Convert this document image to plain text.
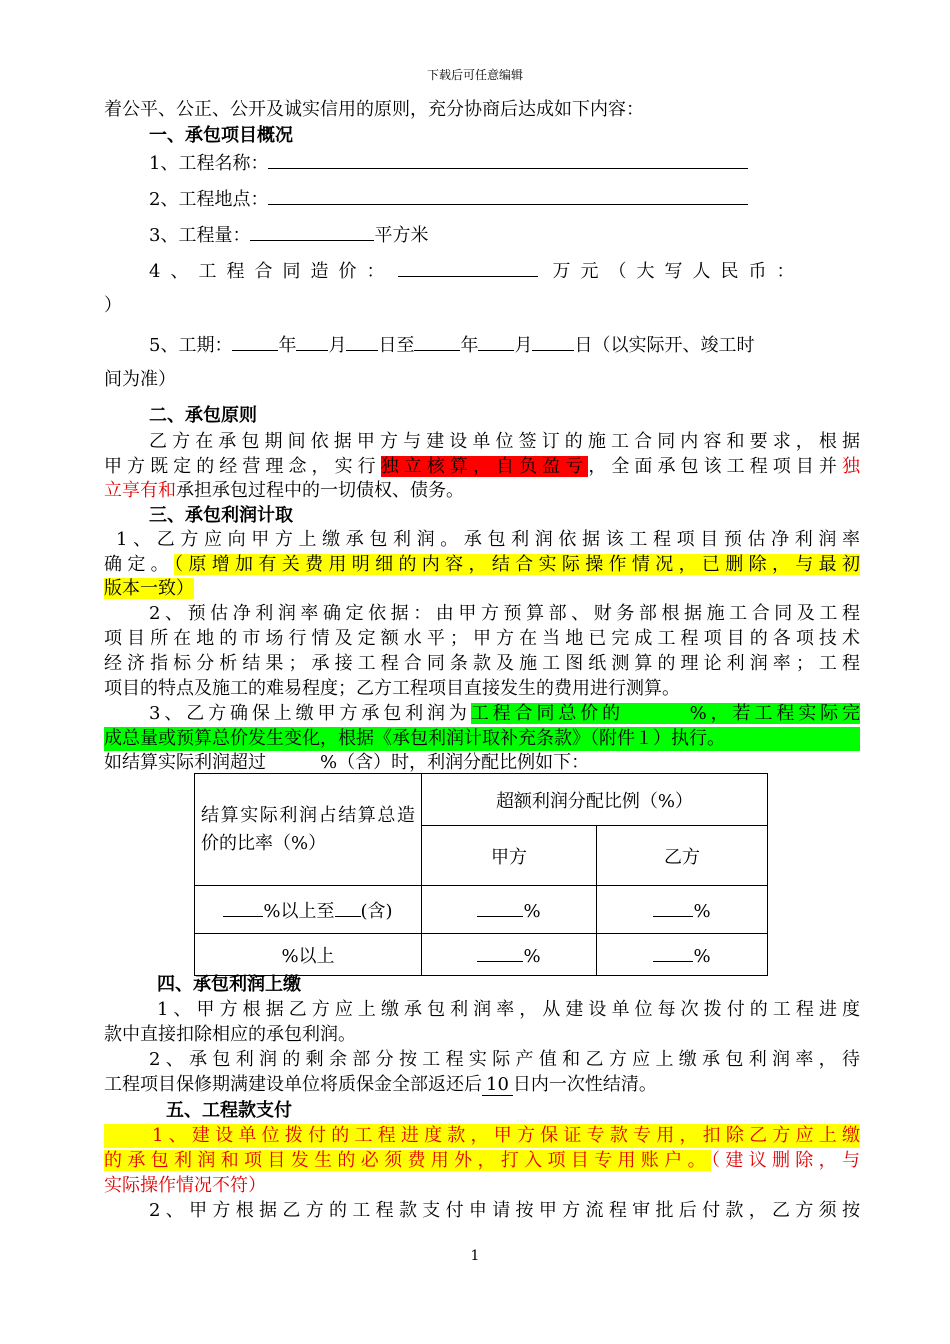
下载后可任意编辑
着公平、公正、公开及诚实信用的原则，充分协商后达成如下内容：
一、承包项目概况
1、工程名称：
2、工程地点：
3、工程量：	平方米
4、工程合同造价：	万元（大写人民币：
）
5、工期：	年 月 日至	年 月 日（以实际开、竣工时
间为准）
二、承包原则
乙方在承包期间依据甲方与建设单位签订的施工合同内容和要求，根据
甲方既定的经营理念，实行独立核算，自负盈亏，全面承包该工程项目并独
立享有和承担承包过程中的一切债权、债务。
三、承包利润计取
1、乙方应向甲方上缴承包利润。承包利润依据该工程项目预估净利润率
确定。（原增加有关费用明细的内容，结合实际操作情况，已删除，与最初
版本一致）
2、预估净利润率确定依据：由甲方预算部、财务部根据施工合同及工程
项目所在地的市场行情及定额水平；甲方在当地已完成工程项目的各项技术
经济指标分析结果；承接工程合同条款及施工图纸测算的理论利润率；工程
项目的特点及施工的难易程度；乙方工程项目直接发生的费用进行测算。
3、乙方确保上缴甲方承包利润为工程合同总价的　　　%，若工程实际完
成总量或预算总价发生变化，根据《承包利润计取补充条款》（附件１）执行。
如结算实际利润超过　　　%（含）时，利润分配比例如下：
结算实际利润占结算总造价的比率（%）	超额利润分配比例（%）	
	甲方	乙方
%以上至 (含)	%	%
%以上	%	%
四、承包利润上缴
1、甲方根据乙方应上缴承包利润率，从建设单位每次拨付的工程进度
款中直接扣除相应的承包利润。
2、承包利润的剩余部分按工程实际产值和乙方应上缴承包利润率，待
工程项目保修期满建设单位将质保金全部返还后 10 日内一次性结清。
五、工程款支付
1、建设单位拨付的工程进度款，甲方保证专款专用，扣除乙方应上缴
的承包利润和项目发生的必须费用外，打入项目专用账户。（建议删除，与
实际操作情况不符）
2、甲方根据乙方的工程款支付申请按甲方流程审批后付款，乙方须按
1
